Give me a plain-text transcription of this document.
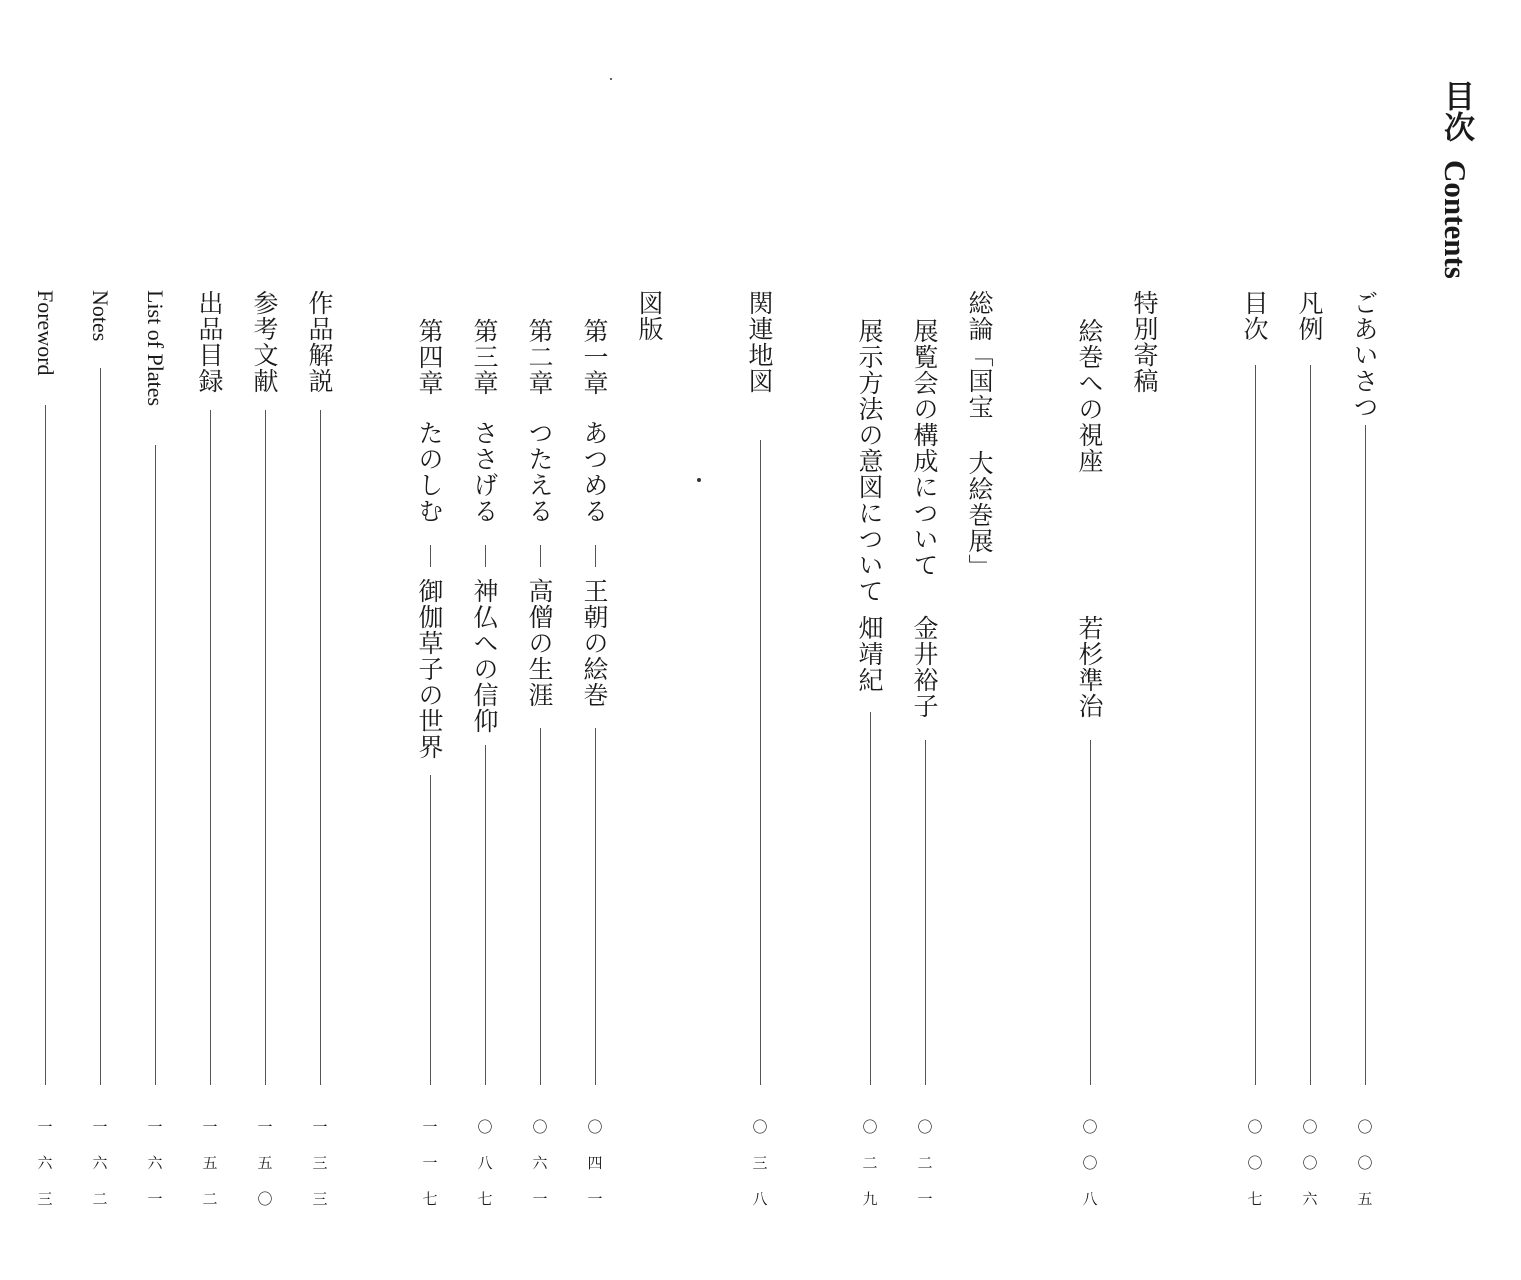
目次
Contents
ごあいさつ
〇
〇
五
凡例
〇
〇
六
目次
〇
〇
七
特別寄稿
絵巻への視座
若杉準治
〇
〇
八
総論「国宝 大絵巻展」
展覧会の構成について
金井裕子
〇
二
一
展示方法の意図について
畑靖紀
〇
二
九
関連地図
〇
三
八
図版
第一章
あつめる
王朝の絵巻
〇
四
一
第二章
つたえる
高僧の生涯
〇
六
一
第三章
ささげる
神仏への信仰
〇
八
七
第四章
たのしむ
御伽草子の世界
一
一
七
作品解説
一
三
三
参考文献
一
五
〇
出品目録
一
五
二
List of Plates
一
六
一
Notes
一
六
二
Foreword
一
六
三
